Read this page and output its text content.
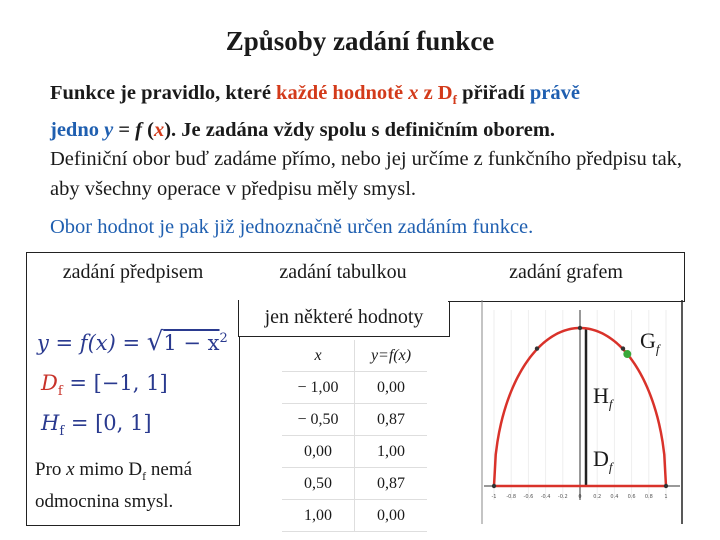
Způsoby zadání funkce
Funkce je pravidlo, které každé hodnotě x z $D_f$ přiřadí právě
jedno y = f (x). Je zadána vždy spolu s definičním oborem.
Definiční obor buď zadáme přímo, nebo jej určíme z funkčního předpisu tak, aby všechny operace v předpisu měly smysl.
Obor hodnot je pak již jednoznačně určen zadáním funkce.
zadání předpisem
$y = f(x) = √1 - x^2$
$D_f = [-1$, 1]
$H_f = [0$, 1]
Pro x mimo $D_f$ nemá odmocnina smysl.
zadání tabulkou
jen některé hodnoty
x	y=f(x)
− 1,00	0,00
− 0,50	0,87
0,00	1,00
0,50	0,87
1,00	0,00
zadání grafem
-1 -0.8 -0.6 -0.4 -0.2 0 0.2 0.4 0.6 0.8 1
$G_f$
$H_f$
$D_f$
